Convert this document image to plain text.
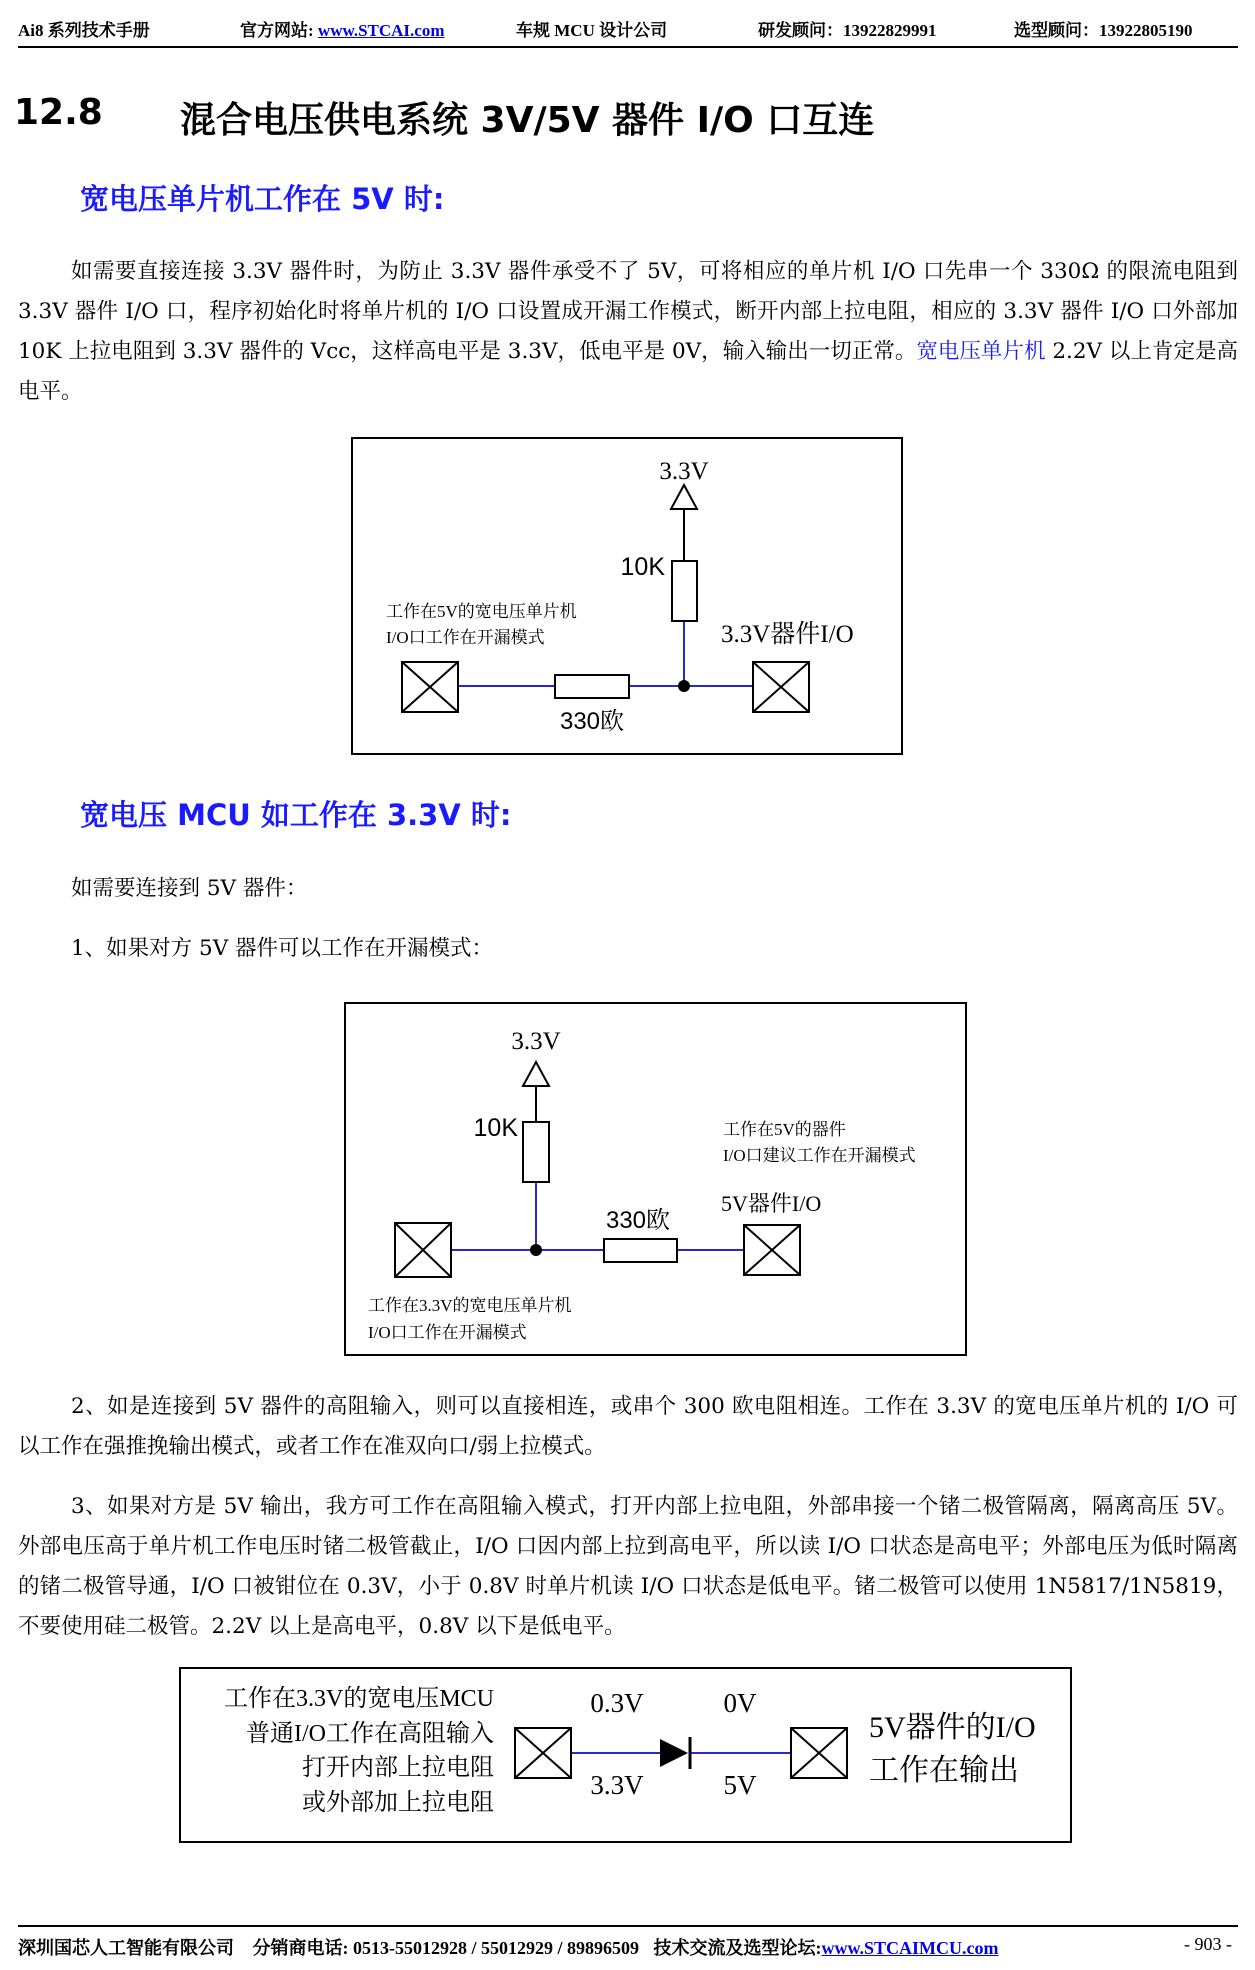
Ai8 系列技术手册	官方网站: www.STCAI.com	车规 MCU 设计公司	研发顾问：13922829991	选型顾问：13922805190
12.8 混合电压供电系统 3V/5V 器件 I/O 口互连
宽电压单片机工作在 5V 时:
如需要直接连接 3.3V 器件时，为防止 3.3V 器件承受不了 5V，可将相应的单片机 I/O 口先串一个 330Ω 的限流电阻到 3.3V 器件 I/O 口，程序初始化时将单片机的 I/O 口设置成开漏工作模式，断开内部上拉电阻，相应的 3.3V 器件 I/O 口外部加 10K 上拉电阻到 3.3V 器件的 Vcc，这样高电平是 3.3V，低电平是 0V，输入输出一切正常。宽电压单片机 2.2V 以上肯定是高电平。
3.3V
10K
工作在5V的宽电压单片机
I/O口工作在开漏模式	3.3V器件I/O
330欧
宽电压 MCU 如工作在 3.3V 时:
如需要连接到 5V 器件：
1、如果对方 5V 器件可以工作在开漏模式：
3.3V
10K
330欧
工作在5V的器件
I/O口建议工作在开漏模式
5V器件I/O
工作在3.3V的宽电压单片机
I/O口工作在开漏模式
2、如是连接到 5V 器件的高阻输入，则可以直接相连，或串个 300 欧电阻相连。工作在 3.3V 的宽电压单片机的 I/O 可以工作在强推挽输出模式，或者工作在准双向口/弱上拉模式。
3、如果对方是 5V 输出，我方可工作在高阻输入模式，打开内部上拉电阻，外部串接一个锗二极管隔离，隔离高压 5V。外部电压高于单片机工作电压时锗二极管截止，I/O 口因内部上拉到高电平，所以读 I/O 口状态是高电平；外部电压为低时隔离的锗二极管导通，I/O 口被钳位在 0.3V，小于 0.8V 时单片机读 I/O 口状态是低电平。锗二极管可以使用 1N5817/1N5819，不要使用硅二极管。2.2V 以上是高电平，0.8V 以下是低电平。
工作在3.3V的宽电压MCU
普通I/O工作在高阻输入
打开内部上拉电阻
或外部加上拉电阻
0.3V	0V
3.3V	5V
5V器件的I/O
工作在输出
深圳国芯人工智能有限公司 分销商电话: 0513-55012928 / 55012929 / 89896509 技术交流及选型论坛:www.STCAIMCU.com	- 903 -
